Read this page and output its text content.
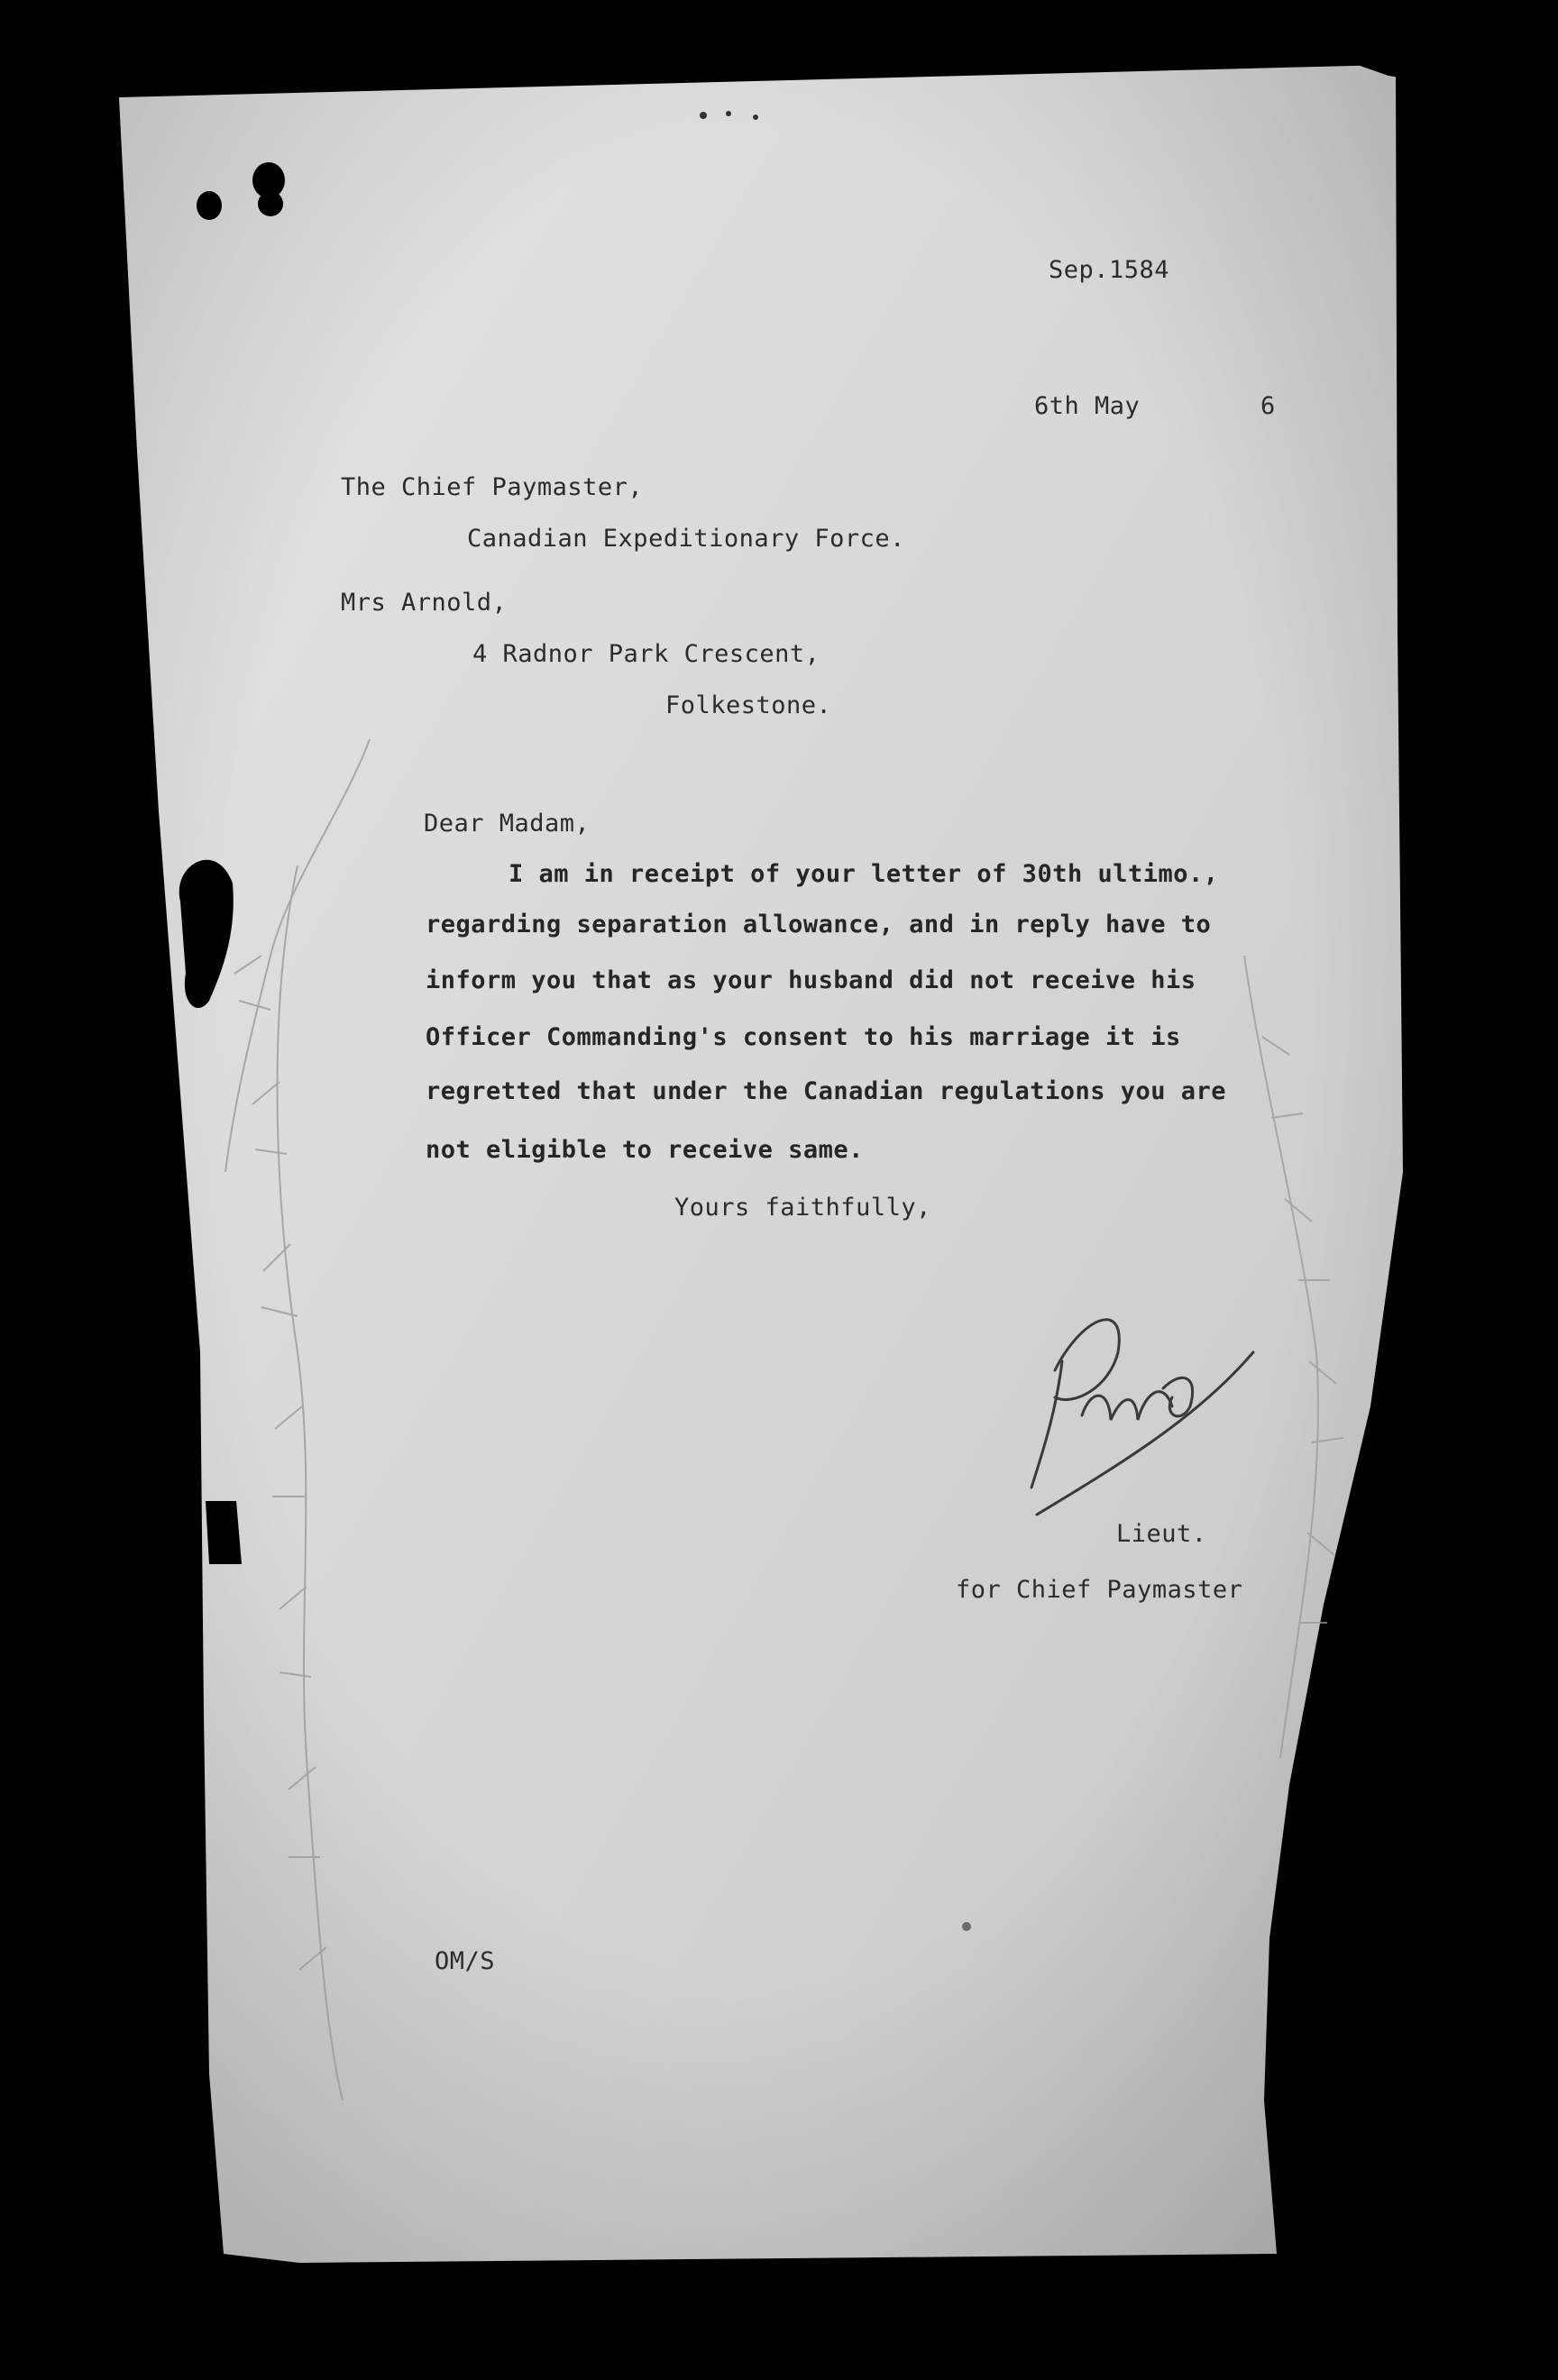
Sep.1584

6th May	6

The Chief Paymaster,

Canadian Expeditionary Force.

Mrs Arnold,

4 Radnor Park Crescent,

Folkestone.

Dear Madam,

I am in receipt of your letter of 30th ultimo.,

regarding separation allowance, and in reply have to

inform you that as your husband did not receive his

Officer Commanding's consent to his marriage it is

regretted that under the Canadian regulations you are

not eligible to receive same.

Yours faithfully,

Lieut.

for Chief Paymaster

OM/S
